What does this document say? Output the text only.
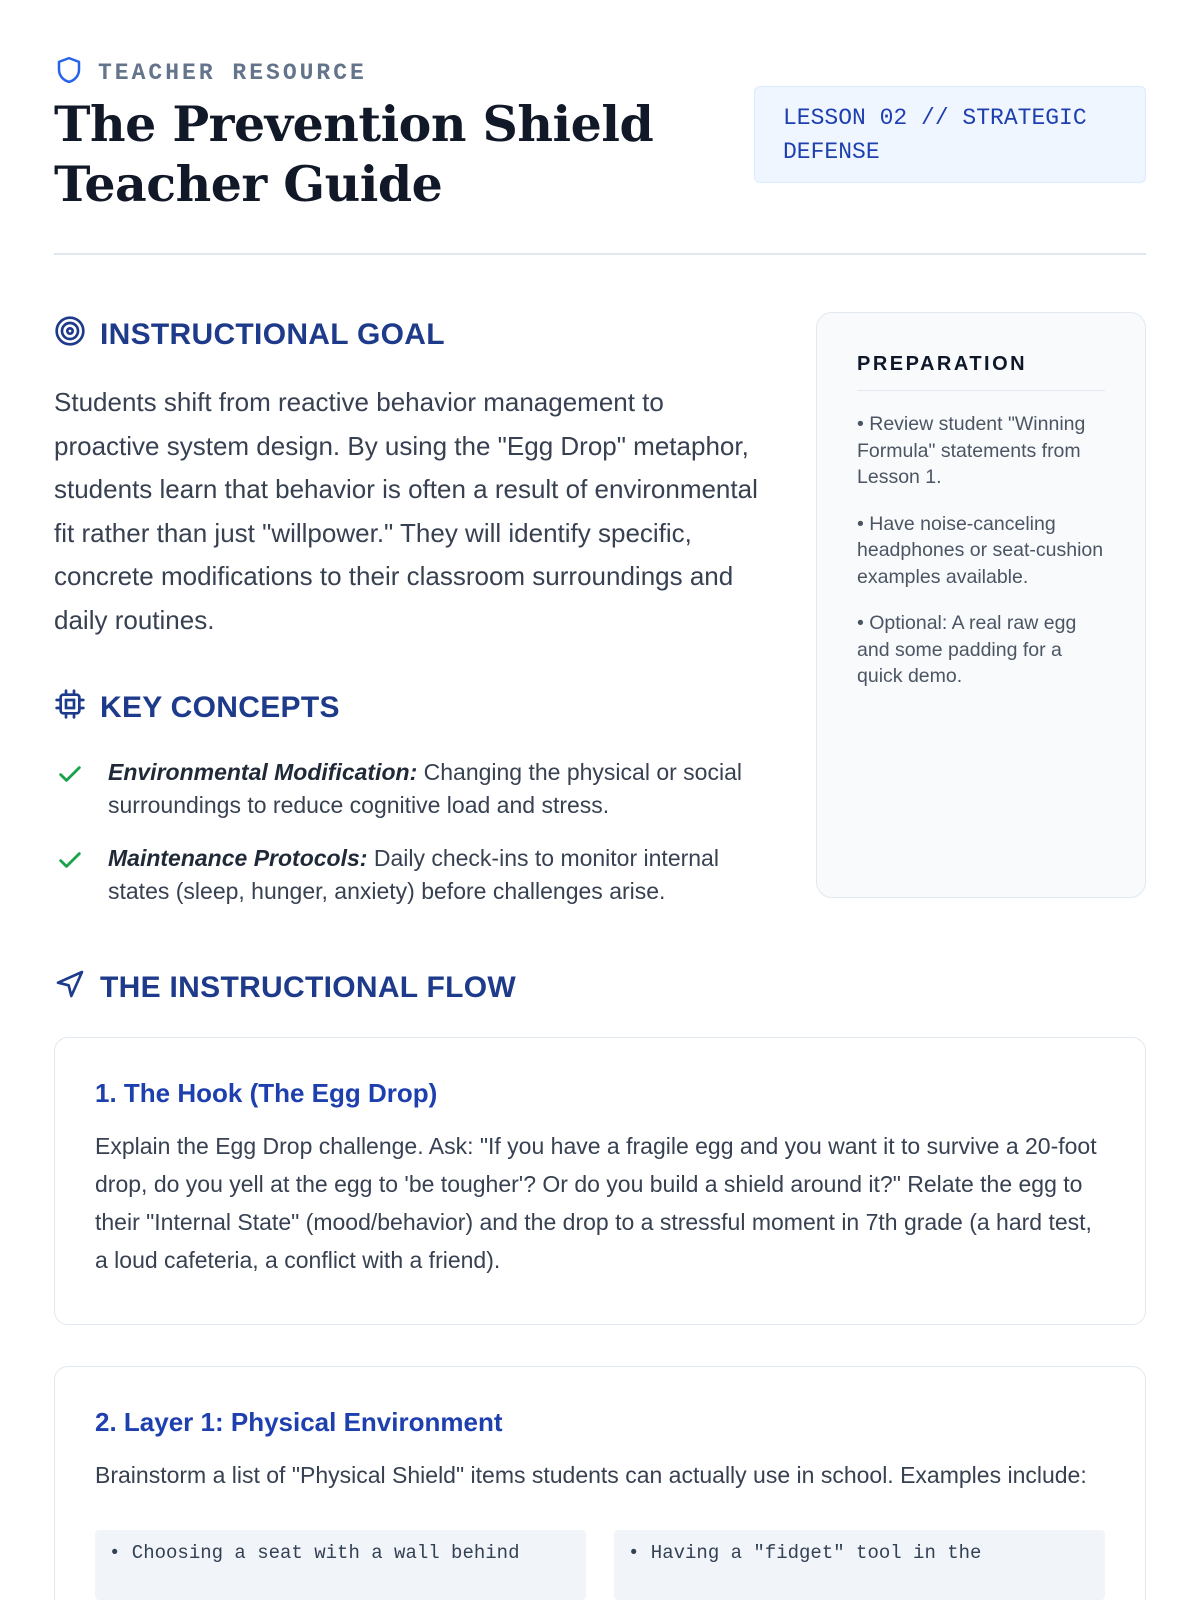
TEACHER RESOURCE
The Prevention Shield
Teacher Guide
LESSON 02 // STRATEGIC
DEFENSE
INSTRUCTIONAL GOAL

Students shift from reactive behavior management to proactive system design. By using the "Egg Drop" metaphor, students learn that behavior is often a result of environmental fit rather than just "willpower." They will identify specific, concrete modifications to their classroom surroundings and daily routines.

KEY CONCEPTS
Environmental Modification: Changing the physical or social surroundings to reduce cognitive load and stress.
Maintenance Protocols: Daily check-ins to monitor internal states (sleep, hunger, anxiety) before challenges arise.
PREPARATION
• Review student "Winning Formula" statements from Lesson 1.
• Have noise-canceling headphones or seat-cushion examples available.
• Optional: A real raw egg and some padding for a quick demo.
THE INSTRUCTIONAL FLOW
1. The Hook (The Egg Drop)

Explain the Egg Drop challenge. Ask: "If you have a fragile egg and you want it to survive a 20-foot drop, do you yell at the egg to 'be tougher'? Or do you build a shield around it?" Relate the egg to their "Internal State" (mood/behavior) and the drop to a stressful moment in 7th grade (a hard test, a loud cafeteria, a conflict with a friend).

2. Layer 1: Physical Environment

Brainstorm a list of "Physical Shield" items students can actually use in school. Examples include:

• Choosing a seat with a wall behind	• Having a "fidget" tool in the
